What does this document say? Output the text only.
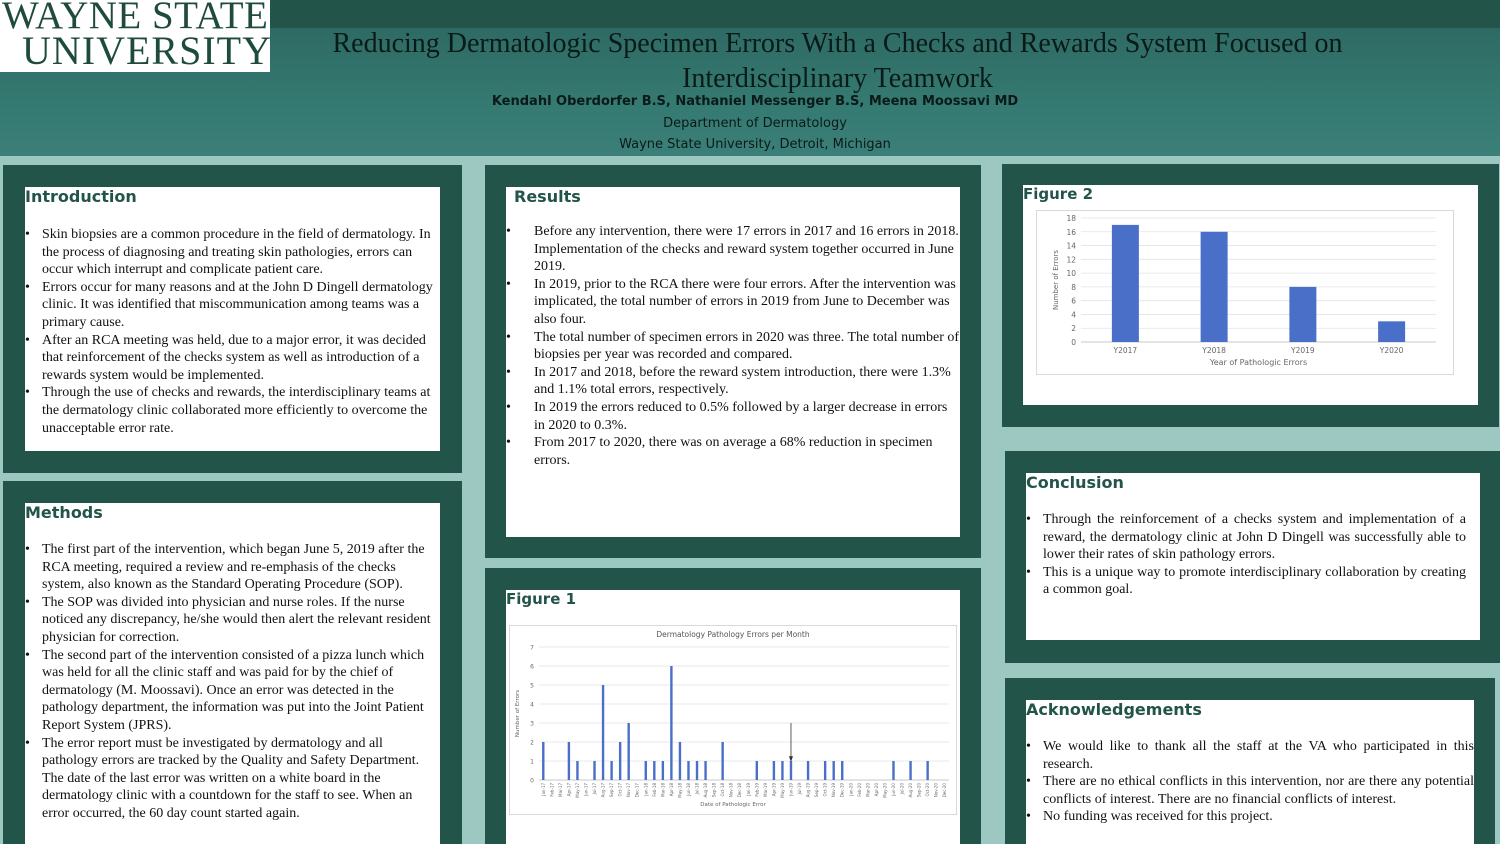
WAYNE STATE
UNIVERSITY	Reducing Dermatologic Specimen Errors With a Checks and Rewards System Focused on Interdisciplinary Teamwork
Kendahl Oberdorfer B.S, Nathaniel Messenger B.S, Meena Moossavi MD
Department of Dermatology
Wayne State University, Detroit, Michigan
Introduction
• Skin biopsies are a common procedure in the field of dermatology. In the process of diagnosing and treating skin pathologies, errors can occur which interrupt and complicate patient care.
• Errors occur for many reasons and at the John D Dingell dermatology clinic. It was identified that miscommunication among teams was a primary cause.
• After an RCA meeting was held, due to a major error, it was decided that reinforcement of the checks system as well as introduction of a rewards system would be implemented.
• Through the use of checks and rewards, the interdisciplinary teams at the dermatology clinic collaborated more efficiently to overcome the unacceptable error rate.
Methods
• The first part of the intervention, which began June 5, 2019 after the RCA meeting, required a review and re-emphasis of the checks system, also known as the Standard Operating Procedure (SOP).
• The SOP was divided into physician and nurse roles. If the nurse noticed any discrepancy, he/she would then alert the relevant resident physician for correction.
• The second part of the intervention consisted of a pizza lunch which was held for all the clinic staff and was paid for by the chief of dermatology (M. Moossavi). Once an error was detected in the pathology department, the information was put into the Joint Patient Report System (JPRS).
• The error report must be investigated by dermatology and all pathology errors are tracked by the Quality and Safety Department. The date of the last error was written on a white board in the dermatology clinic with a countdown for the staff to see. When an error occurred, the 60 day count started again.
Results
• Before any intervention, there were 17 errors in 2017 and 16 errors in 2018. Implementation of the checks and reward system together occurred in June 2019.
• In 2019, prior to the RCA there were four errors. After the intervention was implicated, the total number of errors in 2019 from June to December was also four.
• The total number of specimen errors in 2020 was three. The total number of biopsies per year was recorded and compared.
• In 2017 and 2018, before the reward system introduction, there were 1.3% and 1.1% total errors, respectively.
• In 2019 the errors reduced to 0.5% followed by a larger decrease in errors in 2020 to 0.3%.
• From 2017 to 2020, there was on average a 68% reduction in specimen errors.
Figure 1
Dermatology Pathology Errors per Month
0
1
2
3
4
5
6
7
Jan-17 Feb-17 Mar-17 Apr-17 May-17 Jun-17 Jul-17 Aug-17 Sep-17 Oct-17 Nov-17 Dec-17 Jan-18 Feb-18 Mar-18 Apr-18 May-18 Jun-18 Jul-18 Aug-18 Sep-18 Oct-18 Nov-18 Dec-18 Jan-19 Feb-19 Mar-19 Apr-19 May-19 Jun-19 Jul-19 Aug-19 Sep-19 Oct-19 Nov-19 Dec-19 Jan-20 Feb-20 Mar-20 Apr-20 May-20 Jun-20 Jul-20 Aug-20 Sep-20 Oct-20 Nov-20 Dec-20
Date of Pathologic Error
Number of Errors
Figure 2
0
2
4
6
8
10
12
14
16
18
Y2017	Y2018	Y2019	Y2020
Year of Pathologic Errors
Number of Errors
Conclusion
• Through the reinforcement of a checks system and implementation of a reward, the dermatology clinic at John D Dingell was successfully able to lower their rates of skin pathology errors.
• This is a unique way to promote interdisciplinary collaboration by creating a common goal.
Acknowledgements
• We would like to thank all the staff at the VA who participated in this research.
• There are no ethical conflicts in this intervention, nor are there any potential conflicts of interest. There are no financial conflicts of interest.
• No funding was received for this project.
